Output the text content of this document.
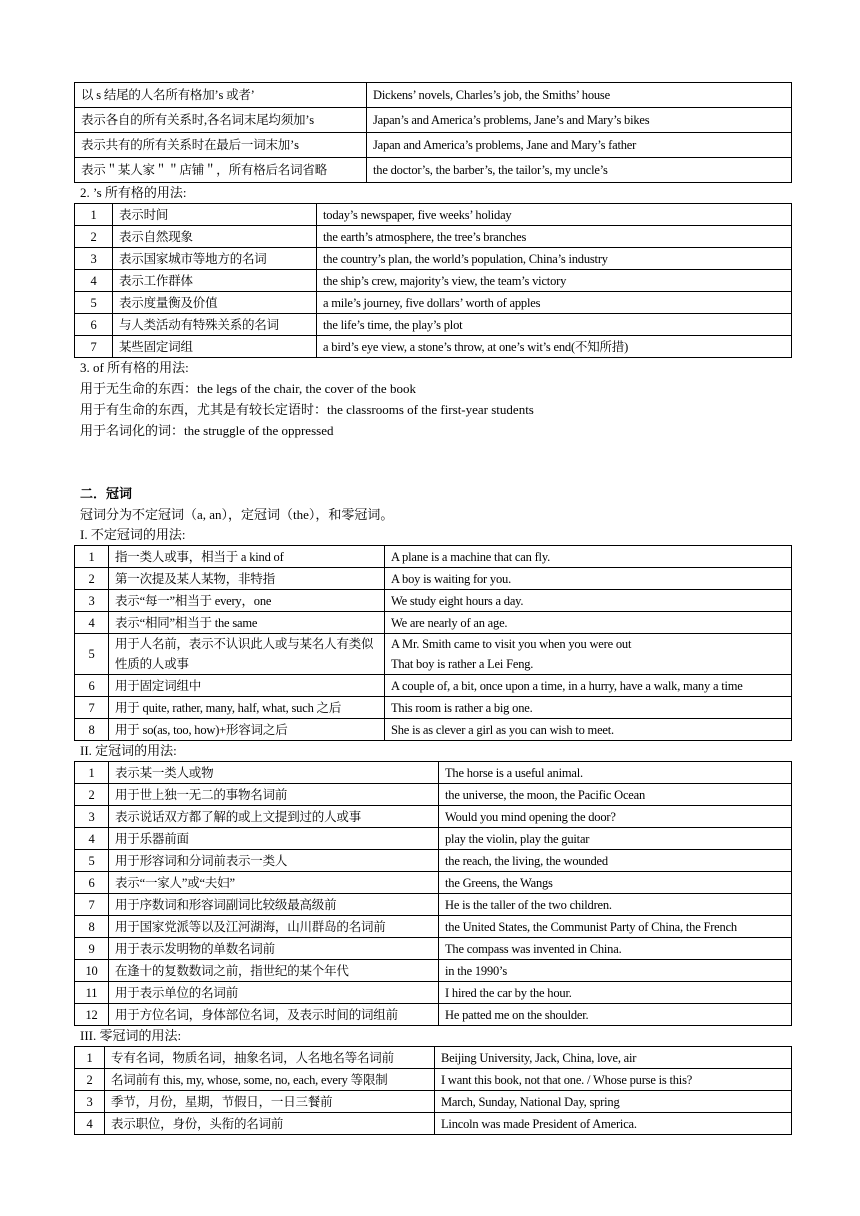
以 s 结尾的人名所有格加’s 或者’	Dickens’ novels, Charles’s job, the Smiths’ house
表示各自的所有关系时,各名词末尾均须加’s	Japan’s and America’s problems, Jane’s and Mary’s bikes
表示共有的所有关系时在最后一词末加’s	Japan and America’s problems, Jane and Mary’s father
表示＂某人家＂＂店铺＂，所有格后名词省略	the doctor’s, the barber’s, the tailor’s, my uncle’s
2. ’s 所有格的用法:
1	表示时间	today’s newspaper, five weeks’ holiday
2	表示自然现象	the earth’s atmosphere, the tree’s branches
3	表示国家城市等地方的名词	the country’s plan, the world’s population, China’s industry
4	表示工作群体	the ship’s crew, majority’s view, the team’s victory
5	表示度量衡及价值	a mile’s journey, five dollars’ worth of apples
6	与人类活动有特殊关系的名词	the life’s time, the play’s plot
7	某些固定词组	a bird’s eye view, a stone’s throw, at one’s wit’s end(不知所措)
3. of 所有格的用法:
用于无生命的东西：the legs of the chair, the cover of the book
用于有生命的东西，尤其是有较长定语时：the classrooms of the first-year students
用于名词化的词：the struggle of the oppressed
二．冠词
冠词分为不定冠词（a, an），定冠词（the），和零冠词。
I. 不定冠词的用法:
1	指一类人或事，相当于 a kind of	A plane is a machine that can fly.
2	第一次提及某人某物，非特指	A boy is waiting for you.
3	表示“每一”相当于 every，one	We study eight hours a day.
4	表示“相同”相当于 the same	We are nearly of an age.
5	用于人名前，表示不认识此人或与某名人有类似性质的人或事	A Mr. Smith came to visit you when you were out
That boy is rather a Lei Feng.

6	用于固定词组中	A couple of, a bit, once upon a time, in a hurry, have a walk, many a time
7	用于 quite, rather, many, half, what, such 之后	This room is rather a big one.
8	用于 so(as, too, how)+形容词之后	She is as clever a girl as you can wish to meet.
II. 定冠词的用法:
1	表示某一类人或物	The horse is a useful animal.
2	用于世上独一无二的事物名词前	the universe, the moon, the Pacific Ocean
3	表示说话双方都了解的或上文提到过的人或事	Would you mind opening the door?
4	用于乐器前面	play the violin, play the guitar
5	用于形容词和分词前表示一类人	the reach, the living, the wounded
6	表示“一家人”或“夫妇”	the Greens, the Wangs
7	用于序数词和形容词副词比较级最高级前	He is the taller of the two children.
8	用于国家党派等以及江河湖海，山川群岛的名词前	the United States, the Communist Party of China, the French
9	用于表示发明物的单数名词前	The compass was invented in China.
10	在逢十的复数数词之前，指世纪的某个年代	in the 1990’s
11	用于表示单位的名词前	I hired the car by the hour.
12	用于方位名词，身体部位名词，及表示时间的词组前	He patted me on the shoulder.
III. 零冠词的用法:
1	专有名词，物质名词，抽象名词，人名地名等名词前	Beijing University, Jack, China, love, air
2	名词前有 this, my, whose, some, no, each, every 等限制	I want this book, not that one. / Whose purse is this?
3	季节，月份，星期，节假日，一日三餐前	March, Sunday, National Day, spring
4	表示职位，身份，头衔的名词前	Lincoln was made President of America.
